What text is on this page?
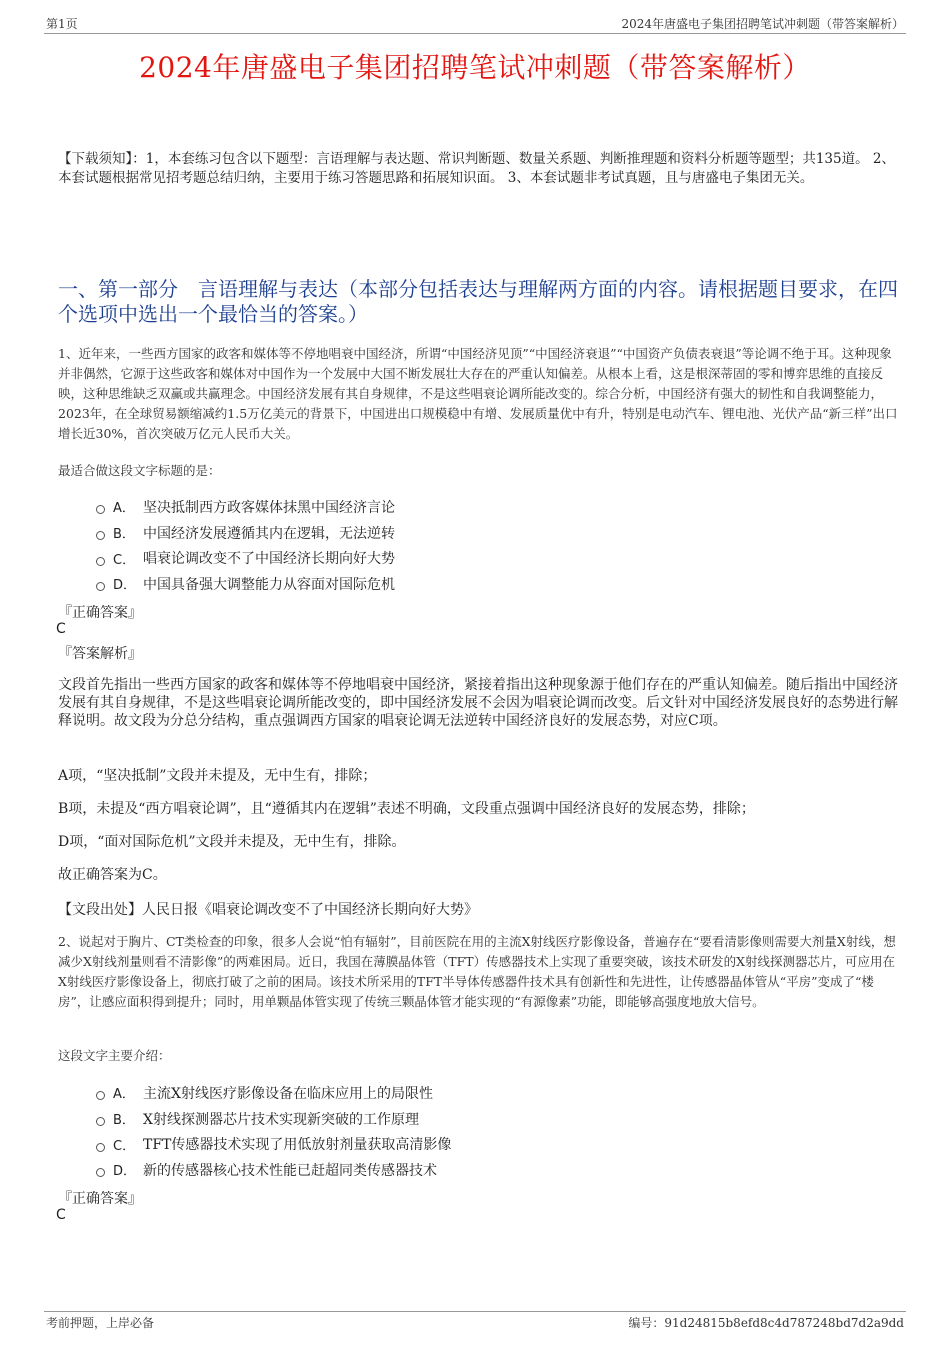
第1页	2024年唐盛电子集团招聘笔试冲刺题（带答案解析）
2024年唐盛电子集团招聘笔试冲刺题（带答案解析）
【下载须知】：1，本套练习包含以下题型：言语理解与表达题、常识判断题、数量关系题、判断推理题和资料分析题等题型；共135道。 2、本套试题根据常见招考题总结归纳，主要用于练习答题思路和拓展知识面。 3、本套试题非考试真题，且与唐盛电子集团无关。
一、第一部分　言语理解与表达（本部分包括表达与理解两方面的内容。请根据题目要求，在四个选项中选出一个最恰当的答案。）
1、近年来，一些西方国家的政客和媒体等不停地唱衰中国经济，所谓“中国经济见顶”“中国经济衰退”“中国资产负债表衰退”等论调不绝于耳。这种现象并非偶然，它源于这些政客和媒体对中国作为一个发展中大国不断发展壮大存在的严重认知偏差。从根本上看，这是根深蒂固的零和博弈思维的直接反映，这种思维缺乏双赢或共赢理念。中国经济发展有其自身规律，不是这些唱衰论调所能改变的。综合分析，中国经济有强大的韧性和自我调整能力，2023年，在全球贸易额缩减约1.5万亿美元的背景下，中国进出口规模稳中有增、发展质量优中有升，特别是电动汽车、锂电池、光伏产品“新三样”出口增长近30%，首次突破万亿元人民币大关。
最适合做这段文字标题的是：
A． 坚决抵制西方政客媒体抹黑中国经济言论
B． 中国经济发展遵循其内在逻辑，无法逆转
C． 唱衰论调改变不了中国经济长期向好大势
D． 中国具备强大调整能力从容面对国际危机
『正确答案』
C
『答案解析』
文段首先指出一些西方国家的政客和媒体等不停地唱衰中国经济，紧接着指出这种现象源于他们存在的严重认知偏差。随后指出中国经济发展有其自身规律，不是这些唱衰论调所能改变的，即中国经济发展不会因为唱衰论调而改变。后文针对中国经济发展良好的态势进行解释说明。故文段为分总分结构，重点强调西方国家的唱衰论调无法逆转中国经济良好的发展态势，对应C项。
A项，“坚决抵制”文段并未提及，无中生有，排除；
B项，未提及“西方唱衰论调”，且“遵循其内在逻辑”表述不明确，文段重点强调中国经济良好的发展态势，排除；
D项，“面对国际危机”文段并未提及，无中生有，排除。
故正确答案为C。
【文段出处】人民日报《唱衰论调改变不了中国经济长期向好大势》
2、说起对于胸片、CT类检查的印象，很多人会说“怕有辐射”，目前医院在用的主流X射线医疗影像设备，普遍存在“要看清影像则需要大剂量X射线，想减少X射线剂量则看不清影像”的两难困局。近日，我国在薄膜晶体管（TFT）传感器技术上实现了重要突破，该技术研发的X射线探测器芯片，可应用在X射线医疗影像设备上，彻底打破了之前的困局。该技术所采用的TFT半导体传感器件技术具有创新性和先进性，让传感器晶体管从“平房”变成了“楼房”，让感应面积得到提升；同时，用单颗晶体管实现了传统三颗晶体管才能实现的“有源像素”功能，即能够高强度地放大信号。
这段文字主要介绍：
A． 主流X射线医疗影像设备在临床应用上的局限性
B． X射线探测器芯片技术实现新突破的工作原理
C． TFT传感器技术实现了用低放射剂量获取高清影像
D． 新的传感器核心技术性能已赶超同类传感器技术
『正确答案』
C
考前押题，上岸必备	编号：91d24815b8efd8c4d787248bd7d2a9dd
